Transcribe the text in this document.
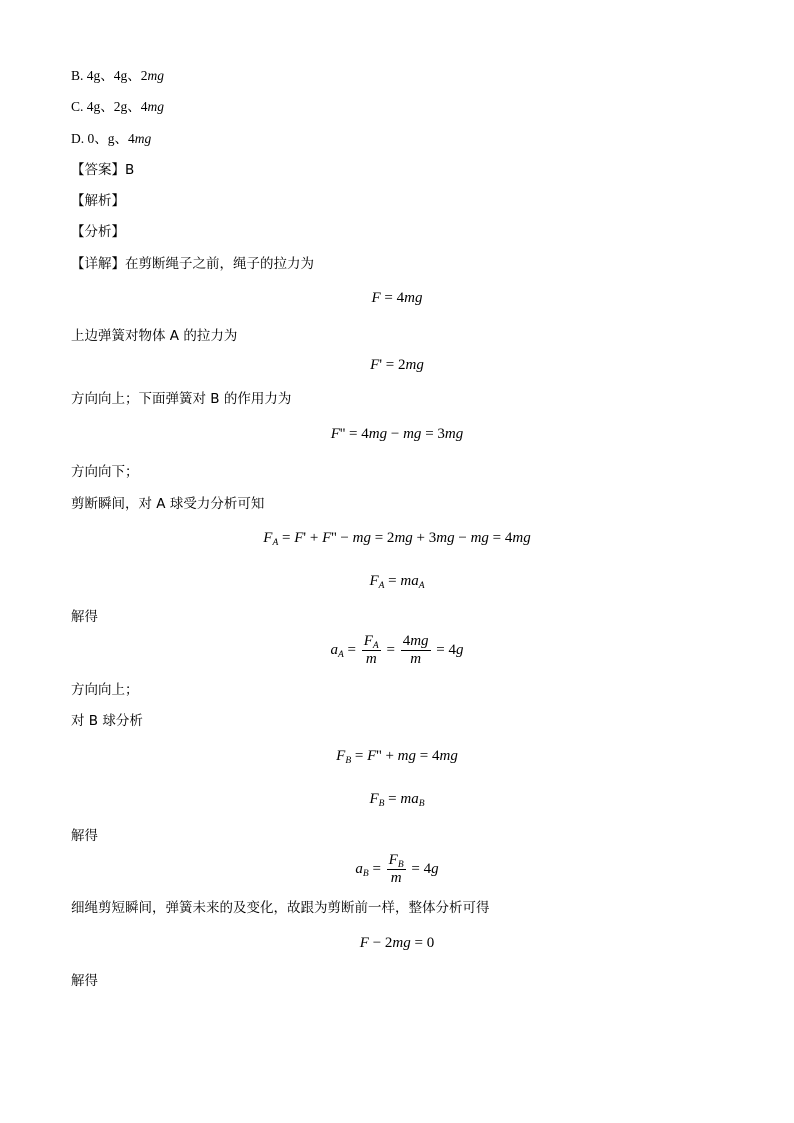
B. 4g、4g、2mg
C. 4g、2g、4mg
D. 0、g、4mg
【答案】B
【解析】
【分析】
【详解】在剪断绳子之前，绳子的拉力为
F = 4mg
上边弹簧对物体 A 的拉力为
F' = 2mg
方向向上；下面弹簧对 B 的作用力为
F'' = 4mg − mg = 3mg
方向向下；
剪断瞬间，对 A 球受力分析可知
$F_A = F' + F''$ − mg = 2mg + 3mg − mg = 4mg
$F_A = ma_A$
解得
$a_A = \frac{F_A}{m} = \frac{4mg}{m} = 4g$
方向向上；
对 B 球分析
$F_B = F''$ + mg = 4mg
$F_B = ma_B$
解得
$a_B = \frac{F_B}{m} = 4g$
细绳剪短瞬间，弹簧未来的及变化，故跟为剪断前一样，整体分析可得
F − 2mg = 0
解得
